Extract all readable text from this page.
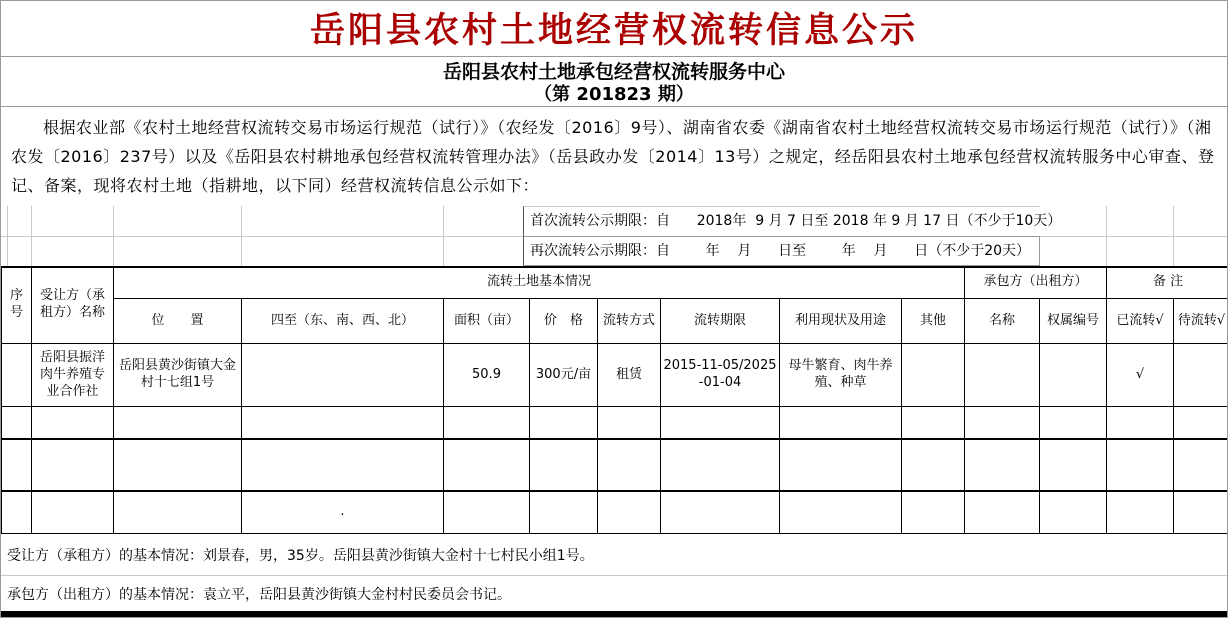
岳阳县农村土地经营权流转信息公示
岳阳县农村土地承包经营权流转服务中心
（第 201823 期）
根据农业部《农村土地经营权流转交易市场运行规范（试行）》（农经发〔2016〕9号）、湖南省农委《湖南省农村土地经营权流转交易市场运行规范（试行）》（湘农发〔2016〕237号）以及《岳阳县农村耕地承包经营权流转管理办法》（岳县政办发〔2014〕13号）之规定，经岳阳县农村土地承包经营权流转服务中心审查、登记、备案，现将农村土地（指耕地，以下同）经营权流转信息公示如下：
首次流转公示期限：自      2018年  9 月 7 日至 2018 年 9 月 17 日（不少于10天）
再次流转公示期限：自        年    月      日至        年    月      日（不少于20天）
序号	受让方（承租方）名称	流转土地基本情况								承包方（出租方）		备 注	
		位　　置	四至（东、南、西、北）	面积（亩）	价　格	流转方式	流转期限	利用现状及用途	其他	名称	权属编号	已流转√	待流转√
	岳阳县振洋肉牛养殖专业合作社	岳阳县黄沙街镇大金村十七组1号		50.9	300元/亩	租赁	2015-11-05/2025-01-04	母牛繁育、肉牛养殖、种草				√	

			.										
受让方（承租方）的基本情况：刘景春，男，35岁。岳阳县黄沙街镇大金村十七村民小组1号。
承包方（出租方）的基本情况：袁立平，岳阳县黄沙街镇大金村村民委员会书记。
